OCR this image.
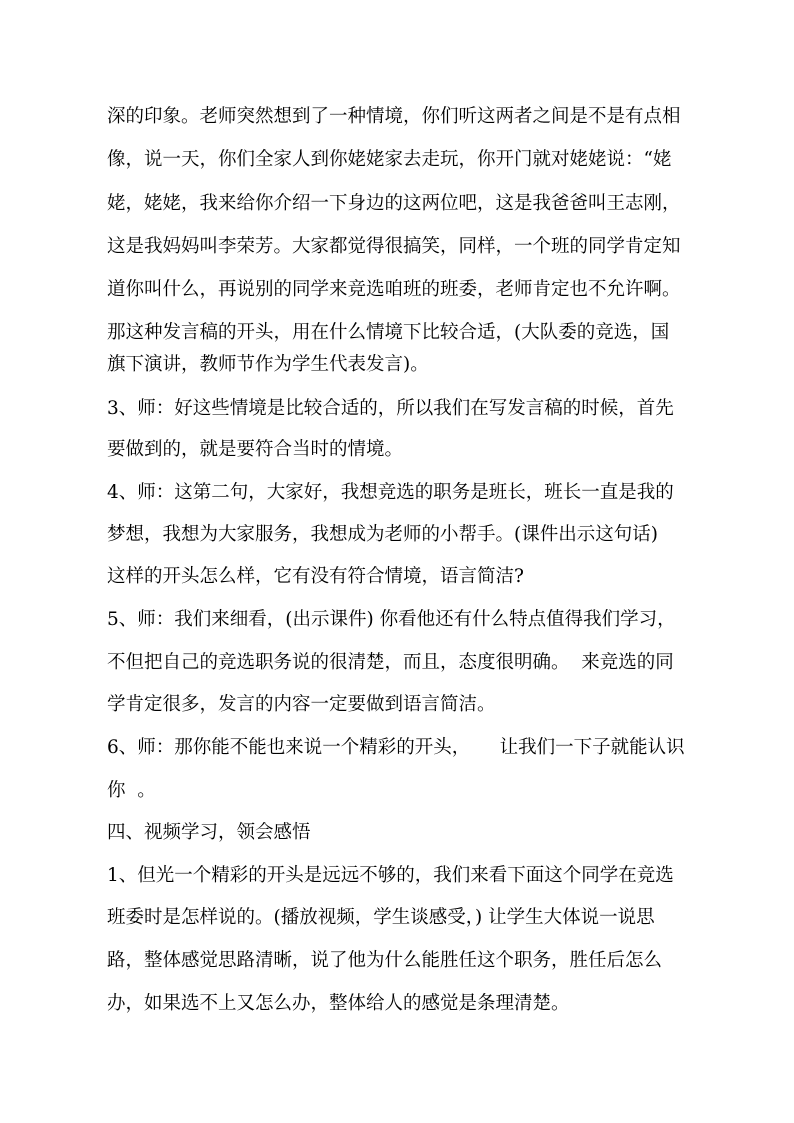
深的印象。老师突然想到了一种情境，你们听这两者之间是不是有点相
像，说一天，你们全家人到你姥姥家去走玩，你开门就对姥姥说：“姥
姥，姥姥，我来给你介绍一下身边的这两位吧，这是我爸爸叫王志刚，
这是我妈妈叫李荣芳。大家都觉得很搞笑，同样，一个班的同学肯定知
道你叫什么，再说别的同学来竞选咱班的班委，老师肯定也不允许啊。
那这种发言稿的开头，用在什么情境下比较合适，(大队委的竞选，国
旗下演讲，教师节作为学生代表发言)。
3、师：好这些情境是比较合适的，所以我们在写发言稿的时候，首先
要做到的，就是要符合当时的情境。
4、师：这第二句，大家好，我想竞选的职务是班长，班长一直是我的
梦想，我想为大家服务，我想成为老师的小帮手。(课件出示这句话)
这样的开头怎么样，它有没有符合情境，语言简洁?
5、师：我们来细看，(出示课件) 你看他还有什么特点值得我们学习，
不但把自己的竞选职务说的很清楚，而且，态度很明确。  来竞选的同
学肯定很多，发言的内容一定要做到语言简洁。
6、师：那你能不能也来说一个精彩的开头，     让我们一下子就能认识
你  。
四、视频学习，领会感悟
1、但光一个精彩的开头是远远不够的，我们来看下面这个同学在竞选
班委时是怎样说的。(播放视频，学生谈感受，) 让学生大体说一说思
路，整体感觉思路清晰，说了他为什么能胜任这个职务，胜任后怎么
办，如果选不上又怎么办，整体给人的感觉是条理清楚。
